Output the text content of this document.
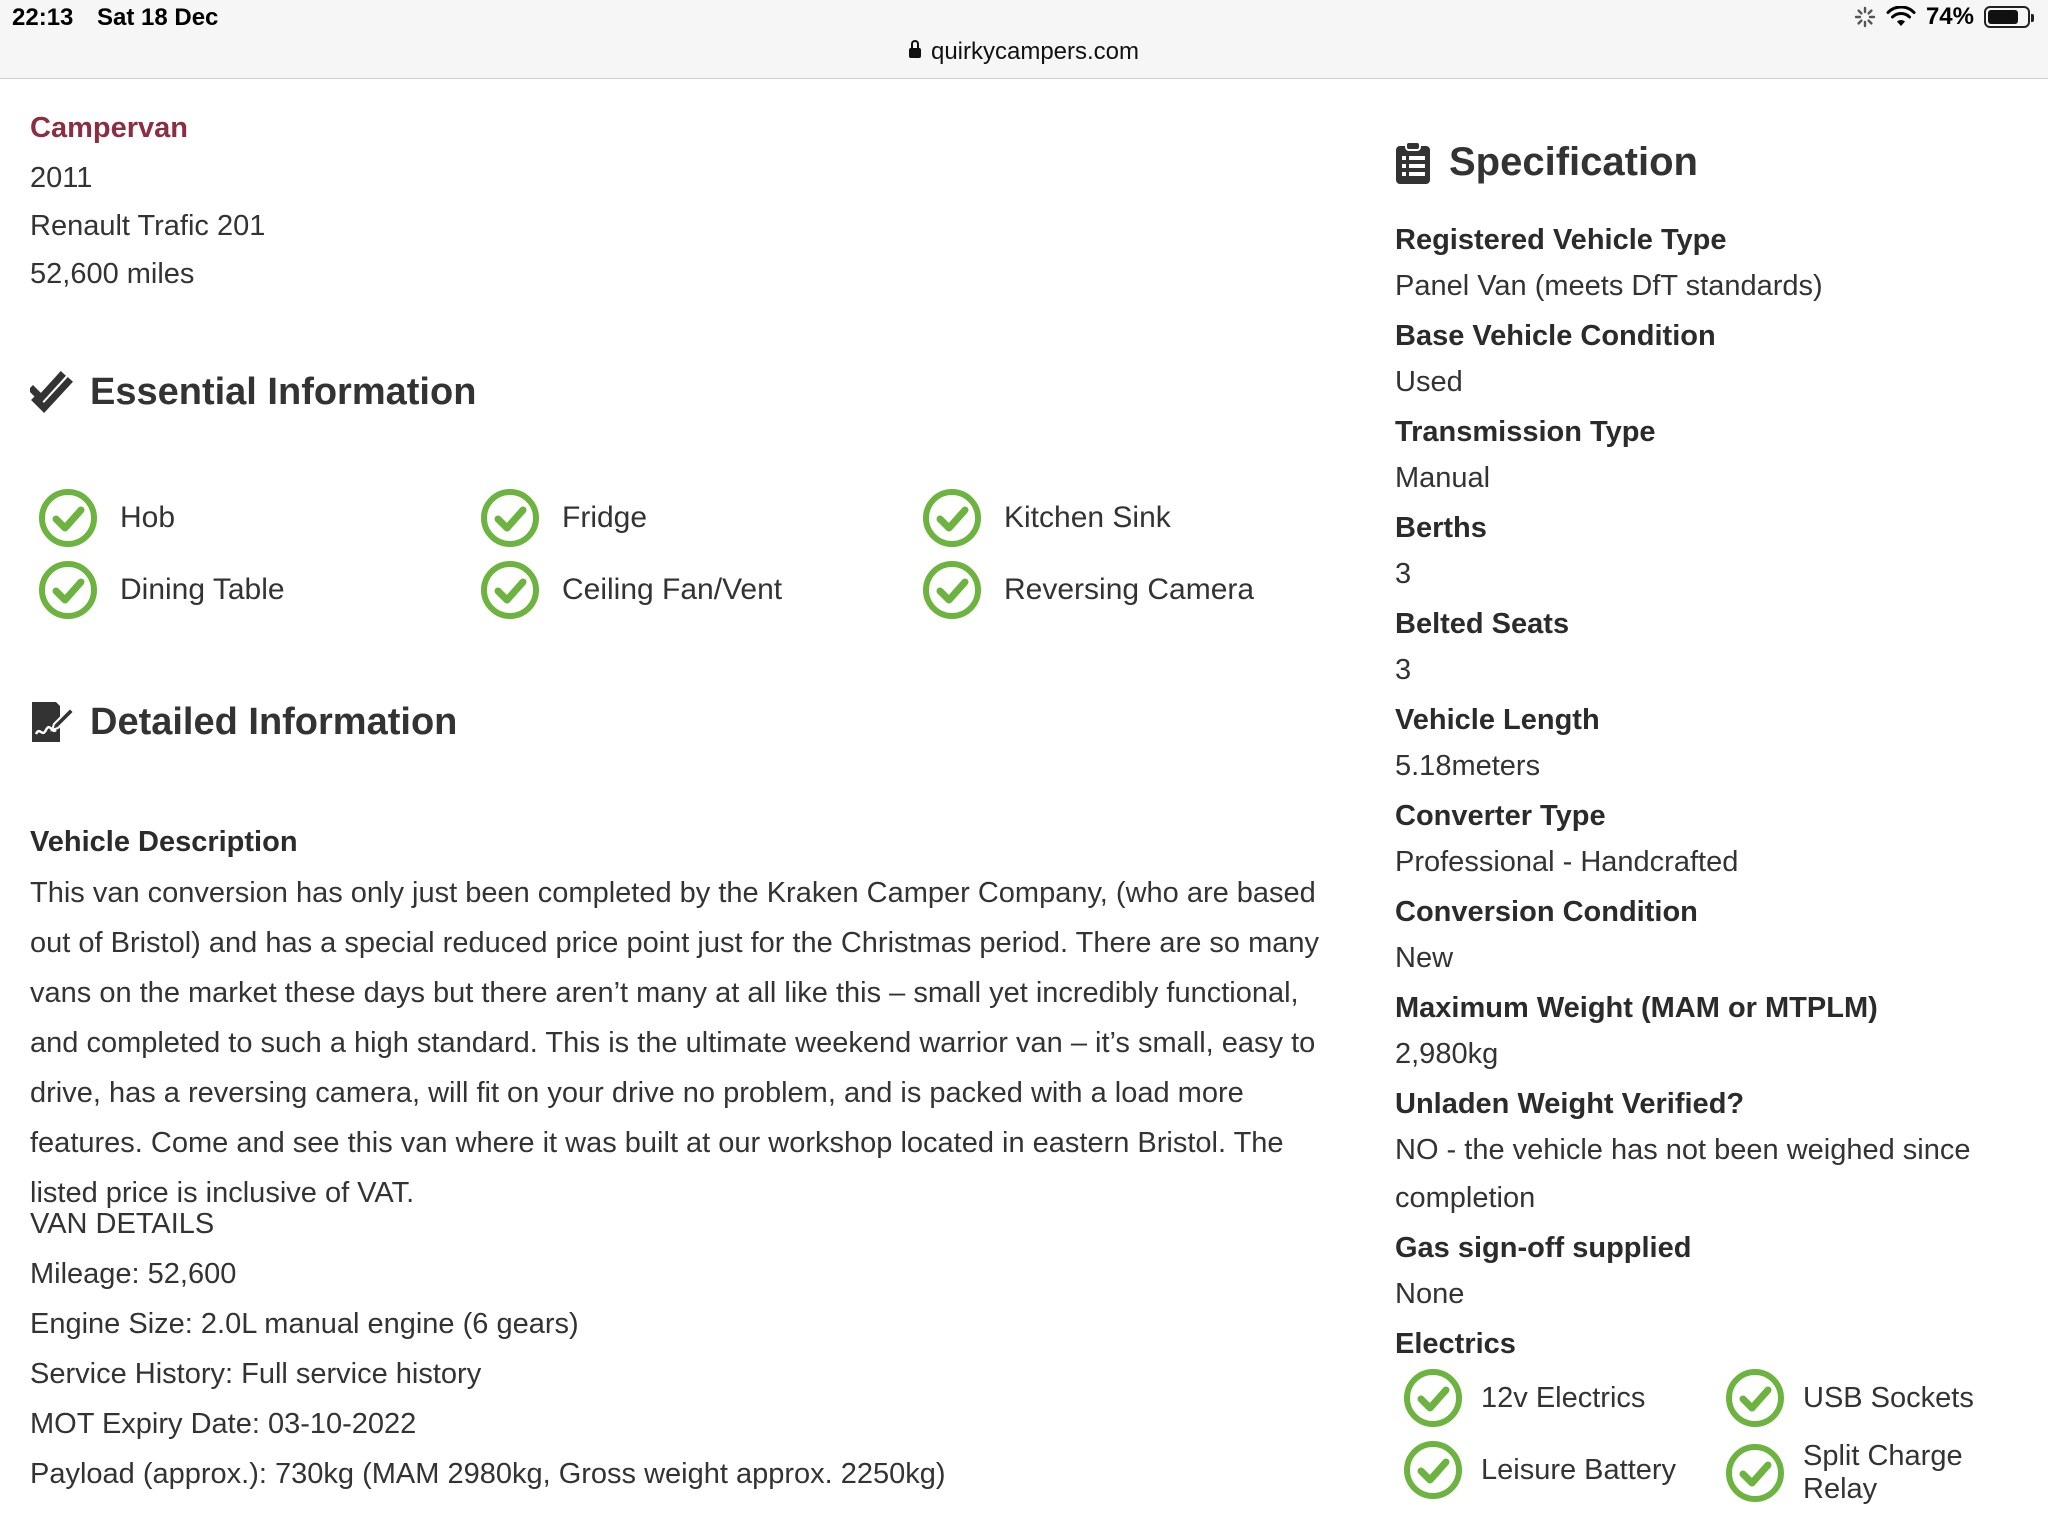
22:13 Sat 18 Dec	74%
quirkycampers.com
Campervan
2011
Renault Trafic 201
52,600 miles
Essential Information
Hob	Fridge	Kitchen Sink
Dining Table	Ceiling Fan/Vent	Reversing Camera
Detailed Information
Vehicle Description

This van conversion has only just been completed by the Kraken Camper Company, (who are based out of Bristol) and has a special reduced price point just for the Christmas period. There are so many vans on the market these days but there aren’t many at all like this – small yet incredibly functional, and completed to such a high standard. This is the ultimate weekend warrior van – it’s small, easy to drive, has a reversing camera, will fit on your drive no problem, and is packed with a load more features. Come and see this van where it was built at our workshop located in eastern Bristol. The listed price is inclusive of VAT.

VAN DETAILS
Mileage: 52,600
Engine Size: 2.0L manual engine (6 gears)
Service History: Full service history
MOT Expiry Date: 03-10-2022
Payload (approx.): 730kg (MAM 2980kg, Gross weight approx. 2250kg)
Specification
Registered Vehicle Type
Panel Van (meets DfT standards)
Base Vehicle Condition
Used
Transmission Type
Manual
Berths
3
Belted Seats
3
Vehicle Length
5.18meters
Converter Type
Professional - Handcrafted
Conversion Condition
New
Maximum Weight (MAM or MTPLM)
2,980kg
Unladen Weight Verified?
NO - the vehicle has not been weighed since completion
Gas sign-off supplied
None
Electrics
12v Electrics	USB Sockets
Leisure Battery	Split Charge Relay
